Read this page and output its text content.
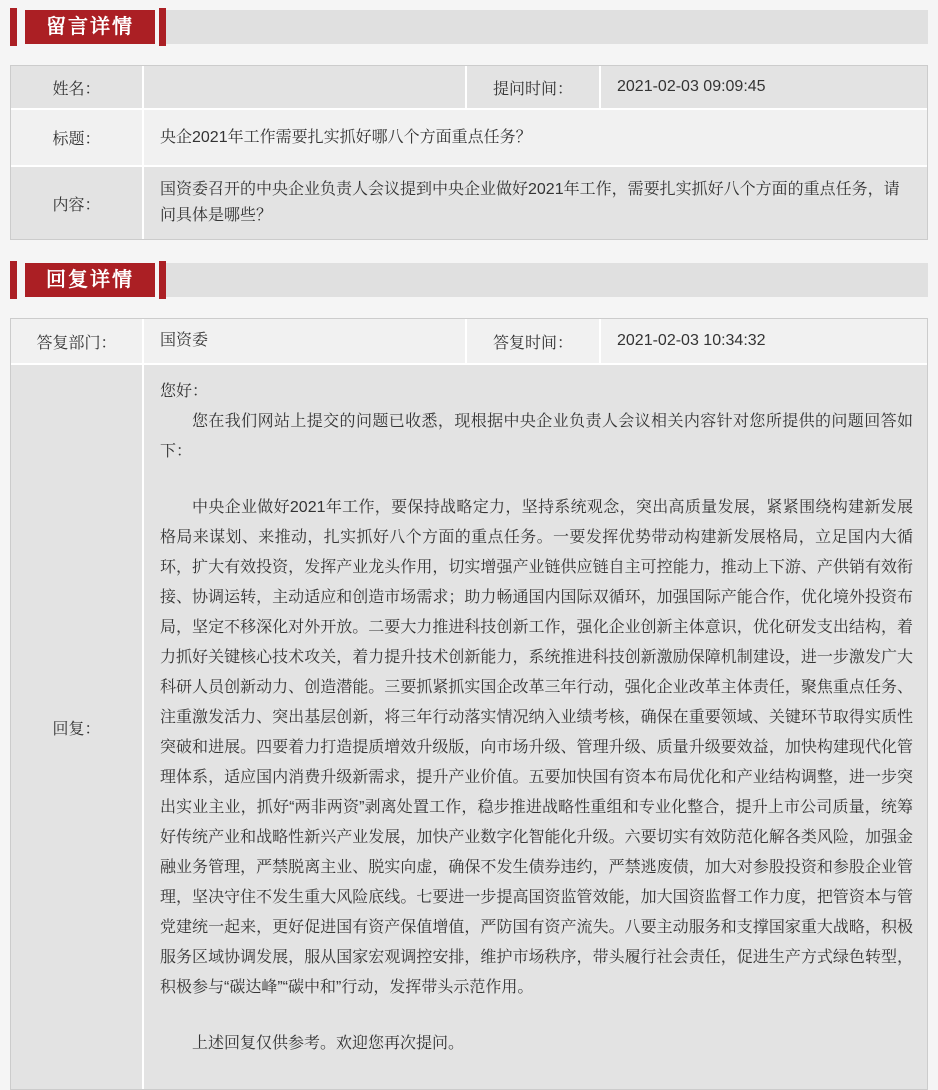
留言详情
姓名：		提问时间：	2021-02-03 09:09:45
标题：	央企2021年工作需要扎实抓好哪八个方面重点任务？		
内容：	国资委召开的中央企业负责人会议提到中央企业做好2021年工作，需要扎实抓好八个方面的重点任务，请问具体是哪些？		
回复详情
答复部门：	国资委	答复时间：	2021-02-03 10:34:32
回复：	您好：

您在我们网站上提交的问题已收悉，现根据中央企业负责人会议相关内容针对您所提供的问题回答如下：

中央企业做好2021年工作，要保持战略定力，坚持系统观念，突出高质量发展，紧紧围绕构建新发展格局来谋划、来推动，扎实抓好八个方面的重点任务。一要发挥优势带动构建新发展格局，立足国内大循环，扩大有效投资，发挥产业龙头作用，切实增强产业链供应链自主可控能力，推动上下游、产供销有效衔接、协调运转，主动适应和创造市场需求；助力畅通国内国际双循环，加强国际产能合作，优化境外投资布局，坚定不移深化对外开放。二要大力推进科技创新工作，强化企业创新主体意识，优化研发支出结构，着力抓好关键核心技术攻关，着力提升技术创新能力，系统推进科技创新激励保障机制建设，进一步激发广大科研人员创新动力、创造潜能。三要抓紧抓实国企改革三年行动，强化企业改革主体责任，聚焦重点任务、注重激发活力、突出基层创新，将三年行动落实情况纳入业绩考核，确保在重要领域、关键环节取得实质性突破和进展。四要着力打造提质增效升级版，向市场升级、管理升级、质量升级要效益，加快构建现代化管理体系，适应国内消费升级新需求，提升产业价值。五要加快国有资本布局优化和产业结构调整，进一步突出实业主业，抓好“两非两资”剥离处置工作，稳步推进战略性重组和专业化整合，提升上市公司质量，统筹好传统产业和战略性新兴产业发展，加快产业数字化智能化升级。六要切实有效防范化解各类风险，加强金融业务管理，严禁脱离主业、脱实向虚，确保不发生债券违约，严禁逃废债，加大对参股投资和参股企业管理，坚决守住不发生重大风险底线。七要进一步提高国资监管效能，加大国资监督工作力度，把管资本与管党建统一起来，更好促进国有资产保值增值，严防国有资产流失。八要主动服务和支撑国家重大战略，积极服务区域协调发展，服从国家宏观调控安排，维护市场秩序，带头履行社会责任，促进生产方式绿色转型，积极参与“碳达峰”“碳中和”行动，发挥带头示范作用。

上述回复仅供参考。欢迎您再次提问。		
